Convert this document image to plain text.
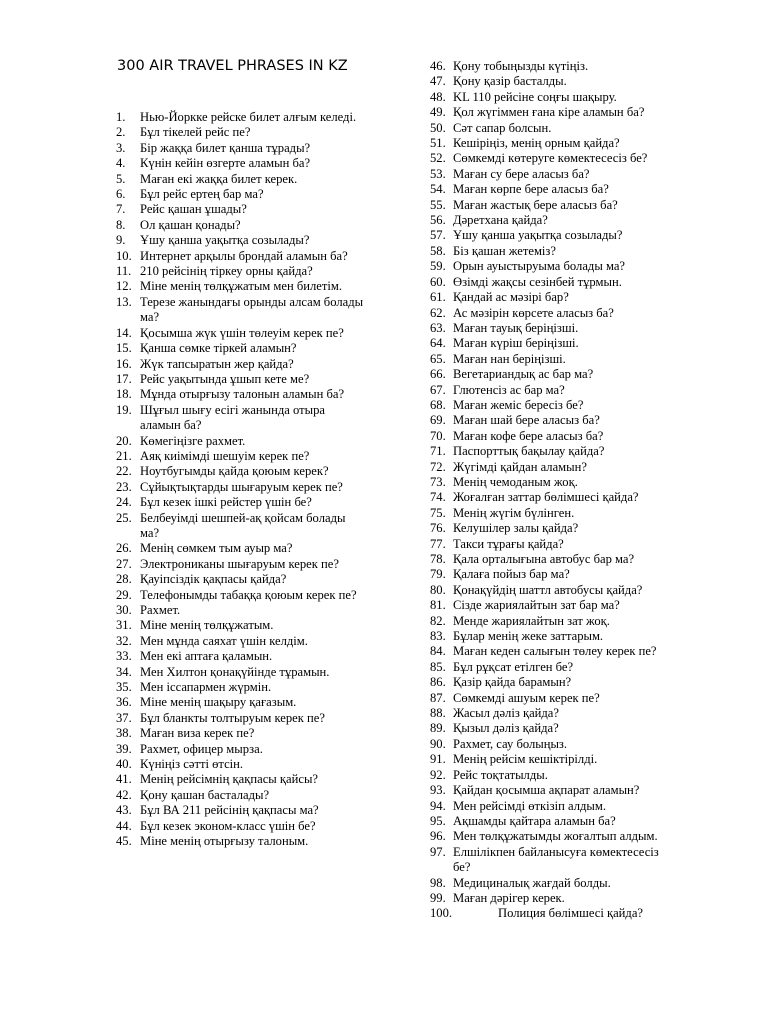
300 AIR TRAVEL PHRASES IN KZ
1. Нью-Йоркке рейске билет алғым келеді.
2. Бұл тікелей рейс пе?
3. Бір жаққа билет қанша тұрады?
4. Күнін кейін өзгерте аламын ба?
5. Маған екі жаққа билет керек.
6. Бұл рейс ертең бар ма?
7. Рейс қашан ұшады?
8. Ол қашан қонады?
9. Ұшу қанша уақытқа созылады?
10. Интернет арқылы брондай аламын ба?
11. 210 рейсінің тіркеу орны қайда?
12. Міне менің төлқұжатым мен билетім.
13. Терезе жанындағы орынды алсам болады ма?
14. Қосымша жүк үшін төлеуім керек пе?
15. Қанша сөмке тіркей аламын?
16. Жүк тапсыратын жер қайда?
17. Рейс уақытында ұшып кете ме?
18. Мұнда отырғызу талонын аламын ба?
19. Шұғыл шығу есігі жанында отыра аламын ба?
20. Көмегіңізге рахмет.
21. Аяқ киімімді шешуім керек пе?
22. Ноутбугымды қайда қоюым керек?
23. Сұйықтықтарды шығаруым керек пе?
24. Бұл кезек ішкі рейстер үшін бе?
25. Белбеуімді шешпей-ақ қойсам болады ма?
26. Менің сөмкем тым ауыр ма?
27. Электрониканы шығаруым керек пе?
28. Қауіпсіздік қақпасы қайда?
29. Телефонымды табаққа қоюым керек пе?
30. Рахмет.
31. Міне менің төлқұжатым.
32. Мен мұнда саяхат үшін келдім.
33. Мен екі аптаға қаламын.
34. Мен Хилтон қонақүйінде тұрамын.
35. Мен іссапармен жүрмін.
36. Міне менің шақыру қағазым.
37. Бұл бланкты толтыруым керек пе?
38. Маған виза керек пе?
39. Рахмет, офицер мырза.
40. Күніңіз сәтті өтсін.
41. Менің рейсімнің қақпасы қайсы?
42. Қону қашан басталады?
43. Бұл ВА 211 рейсінің қақпасы ма?
44. Бұл кезек эконом-класс үшін бе?
45. Міне менің отырғызу талоным.
46. Қону тобыңызды күтіңіз.
47. Қону қазір басталды.
48. KL 110 рейсіне соңғы шақыру.
49. Қол жүгіммен ғана кіре аламын ба?
50. Сәт сапар болсын.
51. Кешіріңіз, менің орным қайда?
52. Сөмкемді көтеруге көмектесесіз бе?
53. Маған су бере аласыз ба?
54. Маған көрпе бере аласыз ба?
55. Маған жастық бере аласыз ба?
56. Дәретхана қайда?
57. Ұшу қанша уақытқа созылады?
58. Біз қашан жетеміз?
59. Орын ауыстыруыма болады ма?
60. Өзімді жақсы сезінбей тұрмын.
61. Қандай ас мәзірі бар?
62. Ас мәзірін көрсете аласыз ба?
63. Маған тауық беріңізші.
64. Маған күріш беріңізші.
65. Маған нан беріңізші.
66. Вегетариандық ас бар ма?
67. Глютенсіз ас бар ма?
68. Маған жеміс бересіз бе?
69. Маған шай бере аласыз ба?
70. Маған кофе бере аласыз ба?
71. Паспорттық бақылау қайда?
72. Жүгімді қайдан аламын?
73. Менің чемоданым жоқ.
74. Жоғалған заттар бөлімшесі қайда?
75. Менің жүгім бүлінген.
76. Келушілер залы қайда?
77. Такси тұрағы қайда?
78. Қала орталығына автобус бар ма?
79. Қалаға пойыз бар ма?
80. Қонақүйдің шаттл автобусы қайда?
81. Сізде жариялайтын зат бар ма?
82. Менде жариялайтын зат жоқ.
83. Бұлар менің жеке заттарым.
84. Маған кеден салығын төлеу керек пе?
85. Бұл рұқсат етілген бе?
86. Қазір қайда барамын?
87. Сөмкемді ашуым керек пе?
88. Жасыл дәліз қайда?
89. Қызыл дәліз қайда?
90. Рахмет, сау болыңыз.
91. Менің рейсім кешіктірілді.
92. Рейс тоқтатылды.
93. Қайдан қосымша ақпарат аламын?
94. Мен рейсімді өткізіп алдым.
95. Ақшамды қайтара аламын ба?
96. Мен төлқұжатымды жоғалтып алдым.
97. Елшілікпен байланысуға көмектесесіз бе?
98. Медициналық жағдай болды.
99. Маған дәрігер керек.
100.	Полиция бөлімшесі қайда?
